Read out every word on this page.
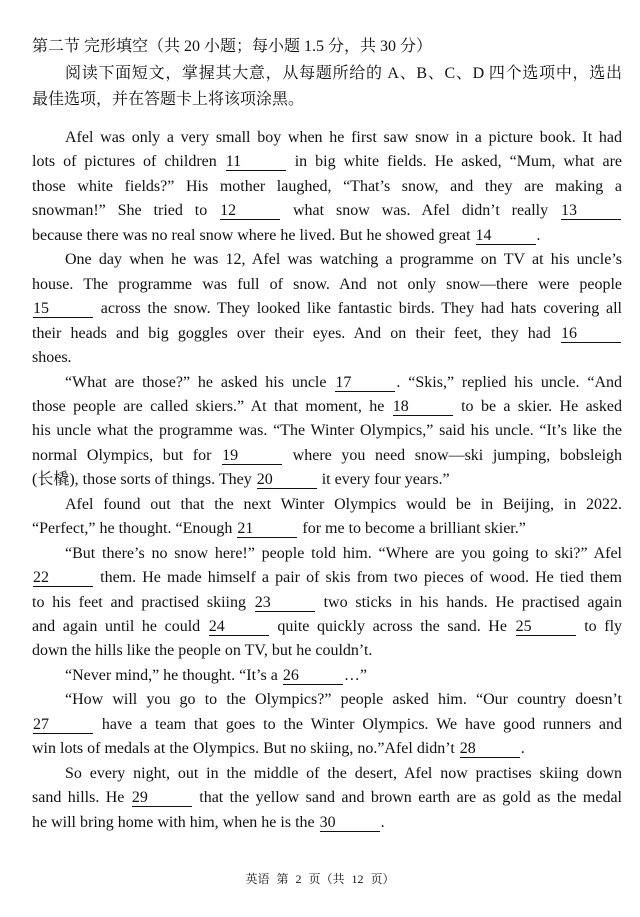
第二节 完形填空（共 20 小题；每小题 1.5 分，共 30 分）
阅读下面短文，掌握其大意，从每题所给的 A、B、C、D 四个选项中，选出
最佳选项，并在答题卡上将该项涂黑。
Afel was only a very small boy when he first saw snow in a picture book. It had
lots of pictures of children 11	in big white fields. He asked, “Mum, what are
those white fields?” His mother laughed, “That’s snow, and they are making a
snowman!” She tried to 12	what snow was. Afel didn’t really 13
because there was no real snow where he lived. But he showed great 14	.
One day when he was 12, Afel was watching a programme on TV at his uncle’s
house. The programme was full of snow. And not only snow—there were people
15	across the snow. They looked like fantastic birds. They had hats covering all
their heads and big goggles over their eyes. And on their feet, they had 16
shoes.
“What are those?” he asked his uncle 17	. “Skis,” replied his uncle. “And
those people are called skiers.” At that moment, he 18	to be a skier. He asked
his uncle what the programme was. “The Winter Olympics,” said his uncle. “It’s like the
normal Olympics, but for 19	where you need snow—ski jumping, bobsleigh
(长橇), those sorts of things. They 20	it every four years.”
Afel found out that the next Winter Olympics would be in Beijing, in 2022.
“Perfect,” he thought. “Enough 21	for me to become a brilliant skier.”
“But there’s no snow here!” people told him. “Where are you going to ski?” Afel
22	them. He made himself a pair of skis from two pieces of wood. He tied them
to his feet and practised skiing 23	two sticks in his hands. He practised again
and again until he could 24	quite quickly across the sand. He 25	to fly
down the hills like the people on TV, but he couldn’t.
“Never mind,” he thought. “It’s a 26	…”
“How will you go to the Olympics?” people asked him. “Our country doesn’t
27	have a team that goes to the Winter Olympics. We have good runners and
win lots of medals at the Olympics. But no skiing, no.”Afel didn’t 28	.
So every night, out in the middle of the desert, Afel now practises skiing down
sand hills. He 29	that the yellow sand and brown earth are as gold as the medal
he will bring home with him, when he is the 30	.
英语 第 2 页（共 12 页）
